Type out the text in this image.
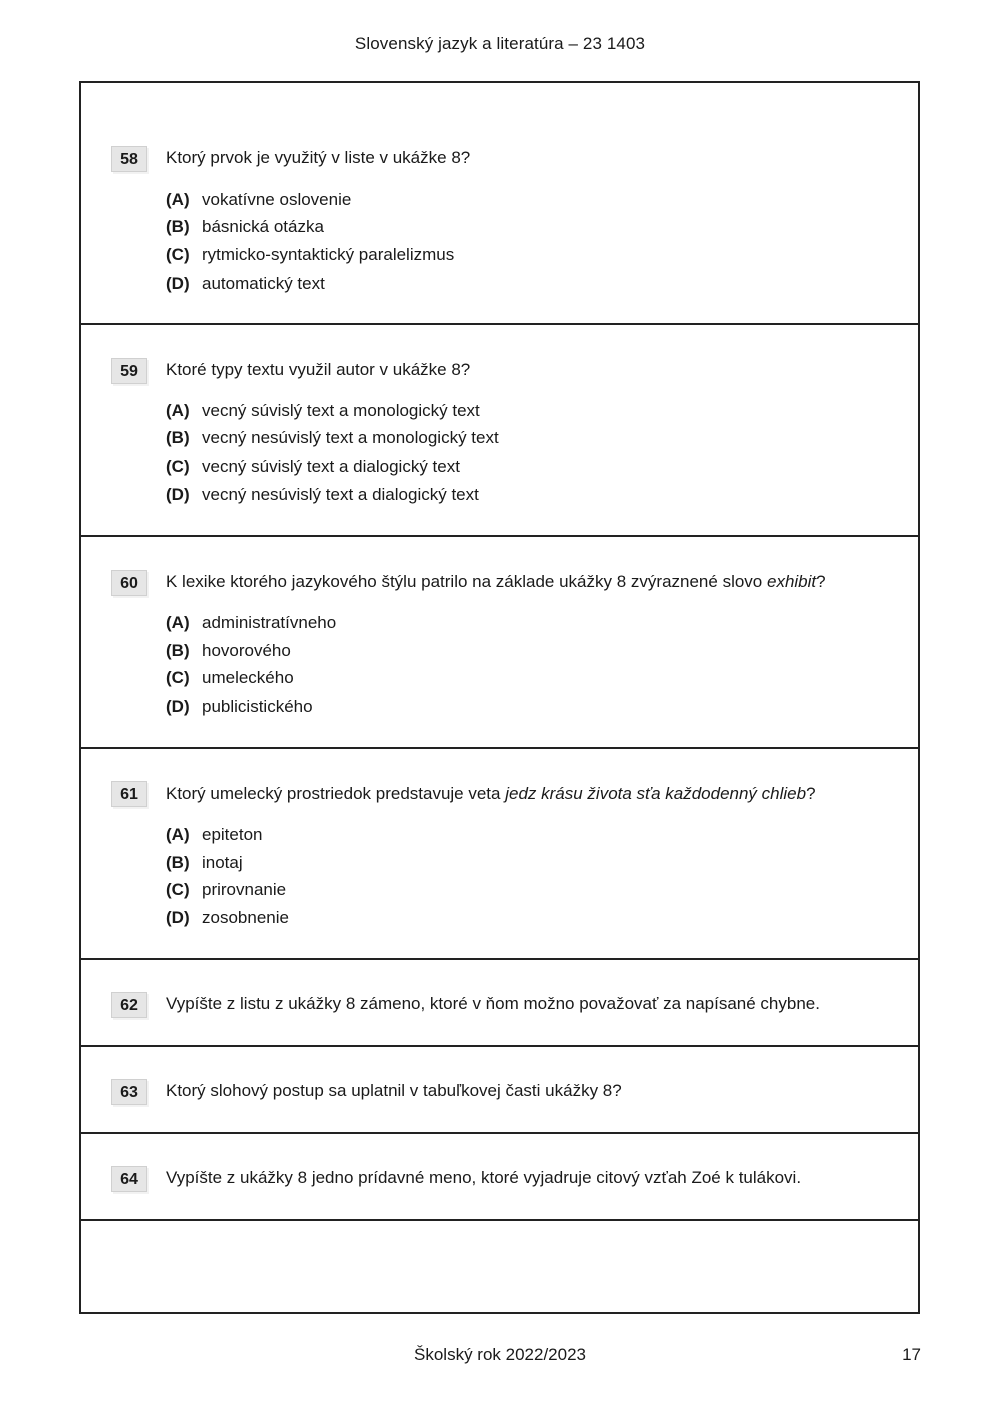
Slovenský jazyk a literatúra – 23 1403
58	Ktorý prvok je využitý v liste v ukážke 8?
(A) vokatívne oslovenie
(B) básnická otázka
(C) rytmicko-syntaktický paralelizmus
(D) automatický text
59	Ktoré typy textu využil autor v ukážke 8?
(A) vecný súvislý text a monologický text
(B) vecný nesúvislý text a monologický text
(C) vecný súvislý text a dialogický text
(D) vecný nesúvislý text a dialogický text
60	K lexike ktorého jazykového štýlu patrilo na základe ukážky 8 zvýraznené slovo exhibit?
(A) administratívneho
(B) hovorového
(C) umeleckého
(D) publicistického
61	Ktorý umelecký prostriedok predstavuje veta jedz krásu života sťa každodenný chlieb?
(A) epiteton
(B) inotaj
(C) prirovnanie
(D) zosobnenie
62	Vypíšte z listu z ukážky 8 zámeno, ktoré v ňom možno považovať za napísané chybne.
63	Ktorý slohový postup sa uplatnil v tabuľkovej časti ukážky 8?
64	Vypíšte z ukážky 8 jedno prídavné meno, ktoré vyjadruje citový vzťah Zoé k tulákovi.
Školský rok 2022/2023	17
